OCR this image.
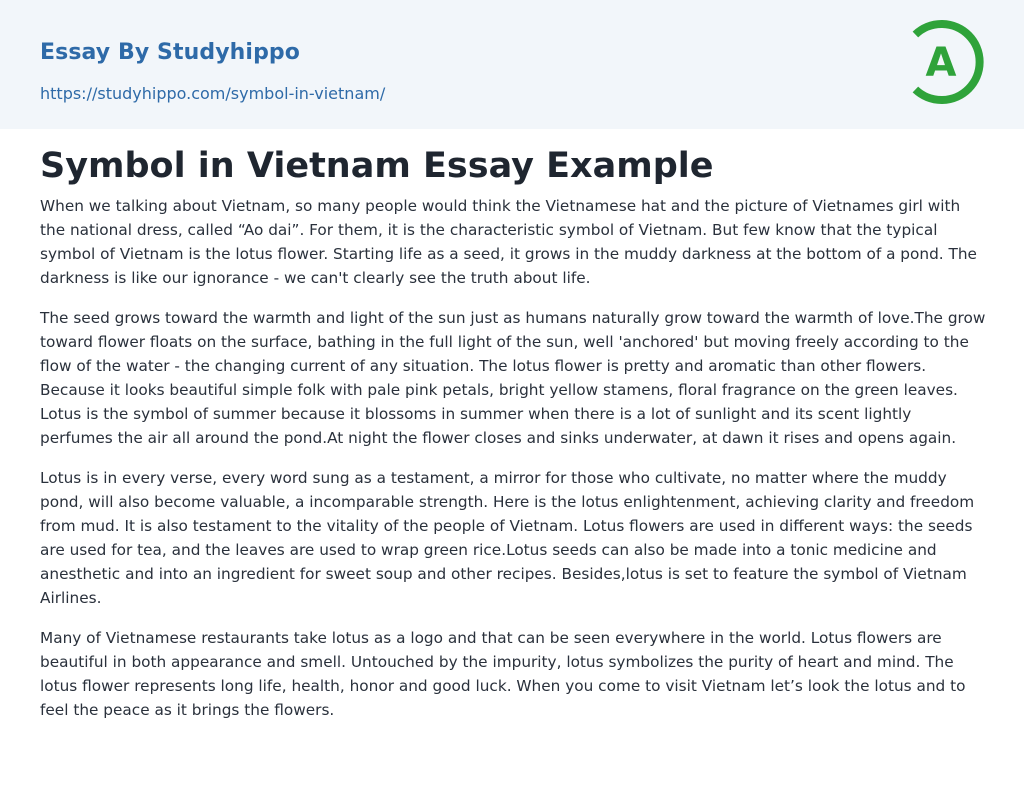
Essay By Studyhippo
https://studyhippo.com/symbol-in-vietnam/
A
Symbol in Vietnam Essay Example

When we talking about Vietnam, so many people would think the Vietnamese hat and the picture of Vietnames girl with the national dress, called “Ao dai”. For them, it is the characteristic symbol of Vietnam. But few know that the typical symbol of Vietnam is the lotus flower. Starting life as a seed, it grows in the muddy darkness at the bottom of a pond. The darkness is like our ignorance - we can't clearly see the truth about life.

The seed grows toward the warmth and light of the sun just as humans naturally grow toward the warmth of love.The grow toward flower floats on the surface, bathing in the full light of the sun, well 'anchored' but moving freely according to the flow of the water - the changing current of any situation. The lotus flower is pretty and aromatic than other flowers. Because it looks beautiful simple folk with pale pink petals, bright yellow stamens, floral fragrance on the green leaves. Lotus is the symbol of summer because it blossoms in summer when there is a lot of sunlight and its scent lightly perfumes the air all around the pond.At night the flower closes and sinks underwater, at dawn it rises and opens again.

Lotus is in every verse, every word sung as a testament, a mirror for those who cultivate, no matter where the muddy pond, will also become valuable, a incomparable strength. Here is the lotus enlightenment, achieving clarity and freedom from mud. It is also testament to the vitality of the people of Vietnam. Lotus flowers are used in different ways: the seeds are used for tea, and the leaves are used to wrap green rice.Lotus seeds can also be made into a tonic medicine and anesthetic and into an ingredient for sweet soup and other recipes. Besides,lotus is set to feature the symbol of Vietnam Airlines.

Many of Vietnamese restaurants take lotus as a logo and that can be seen everywhere in the world. Lotus flowers are beautiful in both appearance and smell. Untouched by the impurity, lotus symbolizes the purity of heart and mind. The lotus flower represents long life, health, honor and good luck. When you come to visit Vietnam let’s look the lotus and to feel the peace as it brings the flowers.
